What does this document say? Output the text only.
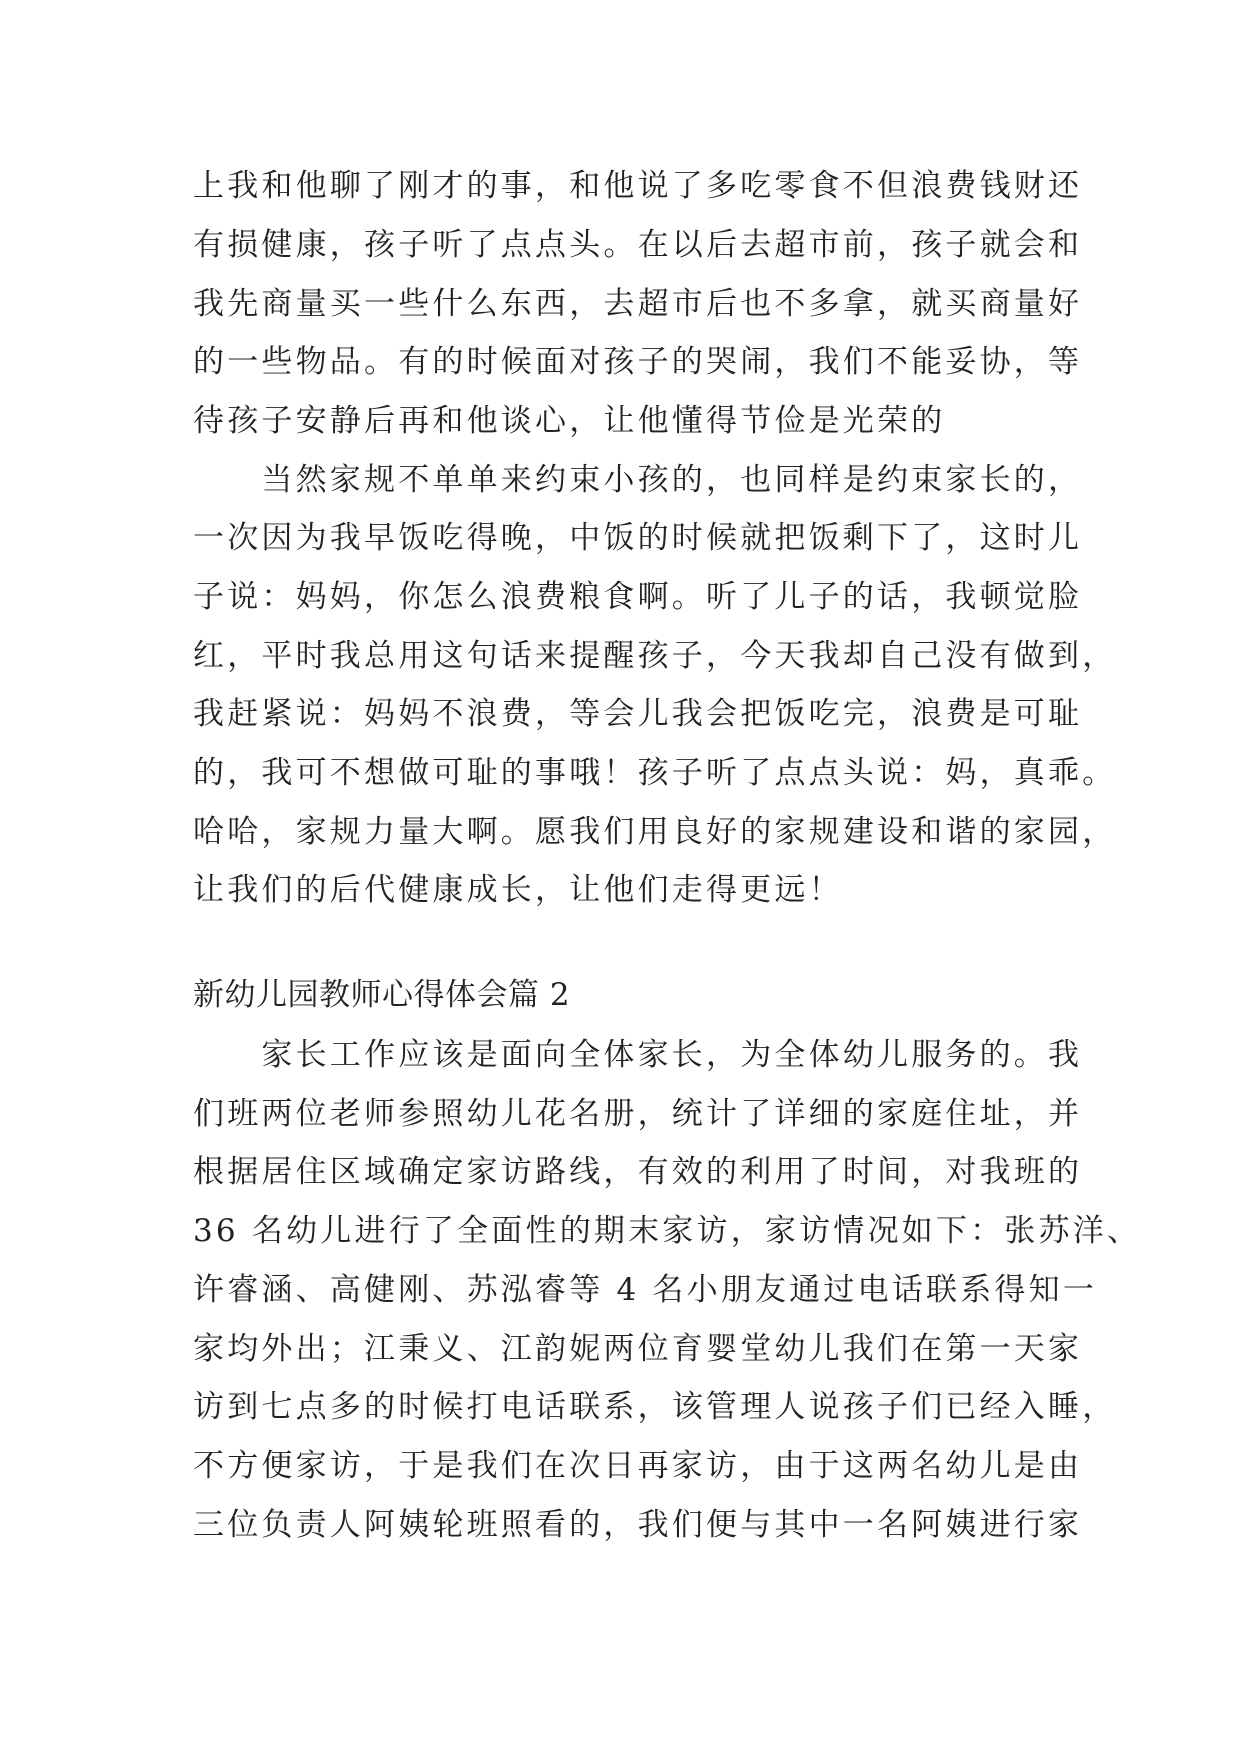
上我和他聊了刚才的事，和他说了多吃零食不但浪费钱财还
有损健康，孩子听了点点头。在以后去超市前，孩子就会和
我先商量买一些什么东西，去超市后也不多拿，就买商量好
的一些物品。有的时候面对孩子的哭闹，我们不能妥协，等
待孩子安静后再和他谈心，让他懂得节俭是光荣的
　　当然家规不单单来约束小孩的，也同样是约束家长的，
一次因为我早饭吃得晚，中饭的时候就把饭剩下了，这时儿
子说：妈妈，你怎么浪费粮食啊。听了儿子的话，我顿觉脸
红，平时我总用这句话来提醒孩子，今天我却自己没有做到，
我赶紧说：妈妈不浪费，等会儿我会把饭吃完，浪费是可耻
的，我可不想做可耻的事哦！孩子听了点点头说：妈，真乖。
哈哈，家规力量大啊。愿我们用良好的家规建设和谐的家园，
让我们的后代健康成长，让他们走得更远！
新幼儿园教师心得体会篇 2
　　家长工作应该是面向全体家长，为全体幼儿服务的。我
们班两位老师参照幼儿花名册，统计了详细的家庭住址，并
根据居住区域确定家访路线，有效的利用了时间，对我班的
36 名幼儿进行了全面性的期末家访，家访情况如下：张苏洋、
许睿涵、高健刚、苏泓睿等 4 名小朋友通过电话联系得知一
家均外出；江秉义、江韵妮两位育婴堂幼儿我们在第一天家
访到七点多的时候打电话联系，该管理人说孩子们已经入睡，
不方便家访，于是我们在次日再家访，由于这两名幼儿是由
三位负责人阿姨轮班照看的，我们便与其中一名阿姨进行家
